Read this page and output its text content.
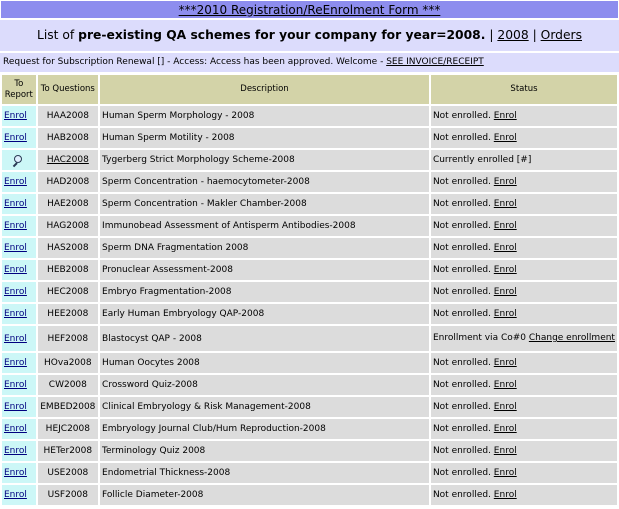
***2010 Registration/ReEnrolment Form ***
List of pre-existing QA schemes for your company for year=2008. | 2008 | Orders
Request for Subscription Renewal [] - Access: Access has been approved. Welcome - SEE INVOICE/RECEIPT
To Report	To Questions	Description	Status
Enrol	HAA2008	Human Sperm Morphology - 2008	Not enrolled. Enrol
Enrol	HAB2008	Human Sperm Motility - 2008	Not enrolled. Enrol

	HAC2008	Tygerberg Strict Morphology Scheme-2008	Currently enrolled [#]
Enrol	HAD2008	Sperm Concentration - haemocytometer-2008	Not enrolled. Enrol
Enrol	HAE2008	Sperm Concentration - Makler Chamber-2008	Not enrolled. Enrol
Enrol	HAG2008	Immunobead Assessment of Antisperm Antibodies-2008	Not enrolled. Enrol
Enrol	HAS2008	Sperm DNA Fragmentation 2008	Not enrolled. Enrol
Enrol	HEB2008	Pronuclear Assessment-2008	Not enrolled. Enrol
Enrol	HEC2008	Embryo Fragmentation-2008	Not enrolled. Enrol
Enrol	HEE2008	Early Human Embryology QAP-2008	Not enrolled. Enrol
Enrol	HEF2008	Blastocyst QAP - 2008	Enrollment via Co#0 Change enrollment
Enrol	HOva2008	Human Oocytes 2008	Not enrolled. Enrol
Enrol	CW2008	Crossword Quiz-2008	Not enrolled. Enrol
Enrol	EMBED2008	Clinical Embryology & Risk Management-2008	Not enrolled. Enrol
Enrol	HEJC2008	Embryology Journal Club/Hum Reproduction-2008	Not enrolled. Enrol
Enrol	HETer2008	Terminology Quiz 2008	Not enrolled. Enrol
Enrol	USE2008	Endometrial Thickness-2008	Not enrolled. Enrol
Enrol	USF2008	Follicle Diameter-2008	Not enrolled. Enrol
